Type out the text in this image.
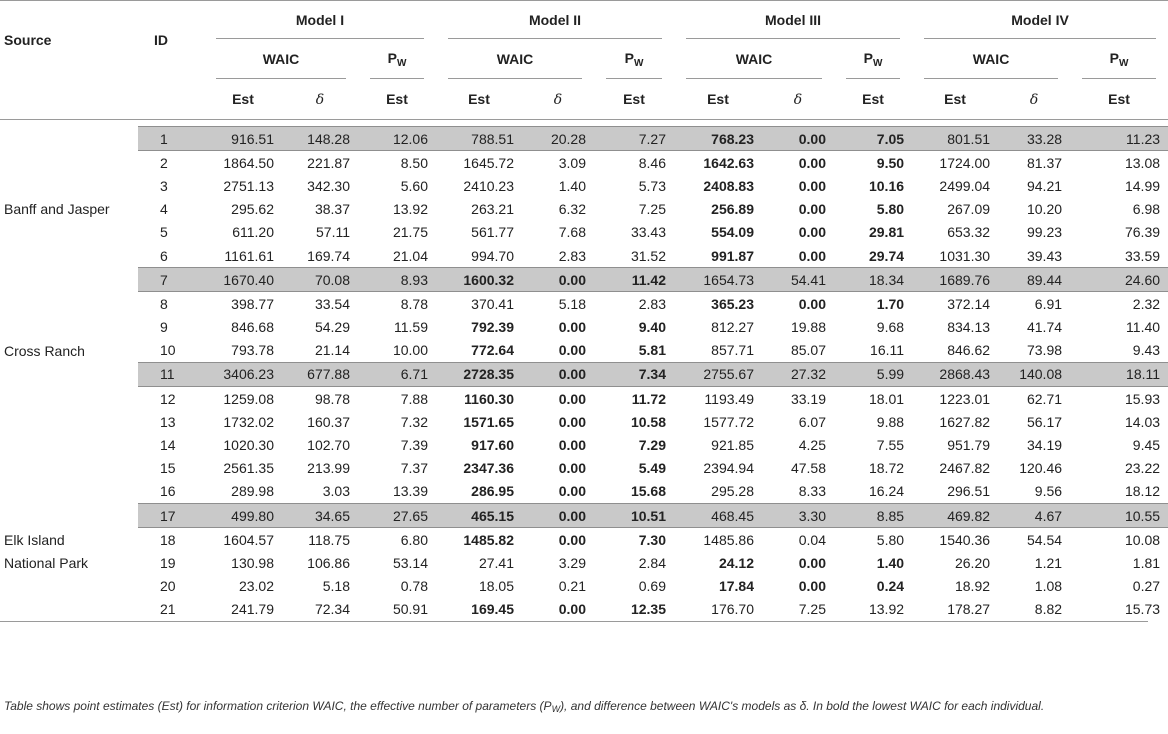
Source	ID	Model I			Model II			Model III			Model IV		
		WAIC		$P_W$	WAIC		$P_W$	WAIC		$P_W$	WAIC		$P_W$
		Est	δ	Est	Est	δ	Est	Est	δ	Est	Est	δ	Est

	1	916.51	148.28	12.06	788.51	20.28	7.27	768.23	0.00	7.05	801.51	33.28	11.23
	2	1864.50	221.87	8.50	1645.72	3.09	8.46	1642.63	0.00	9.50	1724.00	81.37	13.08
	3	2751.13	342.30	5.60	2410.23	1.40	5.73	2408.83	0.00	10.16	2499.04	94.21	14.99
Banff and Jasper	4	295.62	38.37	13.92	263.21	6.32	7.25	256.89	0.00	5.80	267.09	10.20	6.98
	5	611.20	57.11	21.75	561.77	7.68	33.43	554.09	0.00	29.81	653.32	99.23	76.39
	6	1161.61	169.74	21.04	994.70	2.83	31.52	991.87	0.00	29.74	1031.30	39.43	33.59
	7	1670.40	70.08	8.93	1600.32	0.00	11.42	1654.73	54.41	18.34	1689.76	89.44	24.60
	8	398.77	33.54	8.78	370.41	5.18	2.83	365.23	0.00	1.70	372.14	6.91	2.32
	9	846.68	54.29	11.59	792.39	0.00	9.40	812.27	19.88	9.68	834.13	41.74	11.40
Cross Ranch	10	793.78	21.14	10.00	772.64	0.00	5.81	857.71	85.07	16.11	846.62	73.98	9.43
	11	3406.23	677.88	6.71	2728.35	0.00	7.34	2755.67	27.32	5.99	2868.43	140.08	18.11
	12	1259.08	98.78	7.88	1160.30	0.00	11.72	1193.49	33.19	18.01	1223.01	62.71	15.93
	13	1732.02	160.37	7.32	1571.65	0.00	10.58	1577.72	6.07	9.88	1627.82	56.17	14.03
	14	1020.30	102.70	7.39	917.60	0.00	7.29	921.85	4.25	7.55	951.79	34.19	9.45
	15	2561.35	213.99	7.37	2347.36	0.00	5.49	2394.94	47.58	18.72	2467.82	120.46	23.22
	16	289.98	3.03	13.39	286.95	0.00	15.68	295.28	8.33	16.24	296.51	9.56	18.12
	17	499.80	34.65	27.65	465.15	0.00	10.51	468.45	3.30	8.85	469.82	4.67	10.55
Elk Island	18	1604.57	118.75	6.80	1485.82	0.00	7.30	1485.86	0.04	5.80	1540.36	54.54	10.08
National Park	19	130.98	106.86	53.14	27.41	3.29	2.84	24.12	0.00	1.40	26.20	1.21	1.81
	20	23.02	5.18	0.78	18.05	0.21	0.69	17.84	0.00	0.24	18.92	1.08	0.27
	21	241.79	72.34	50.91	169.45	0.00	12.35	176.70	7.25	13.92	178.27	8.82	15.73
Table shows point estimates (Est) for information criterion WAIC, the effective number of parameters $(P_W)$, and difference between WAIC's models as δ. In bold the lowest WAIC for each individual.
